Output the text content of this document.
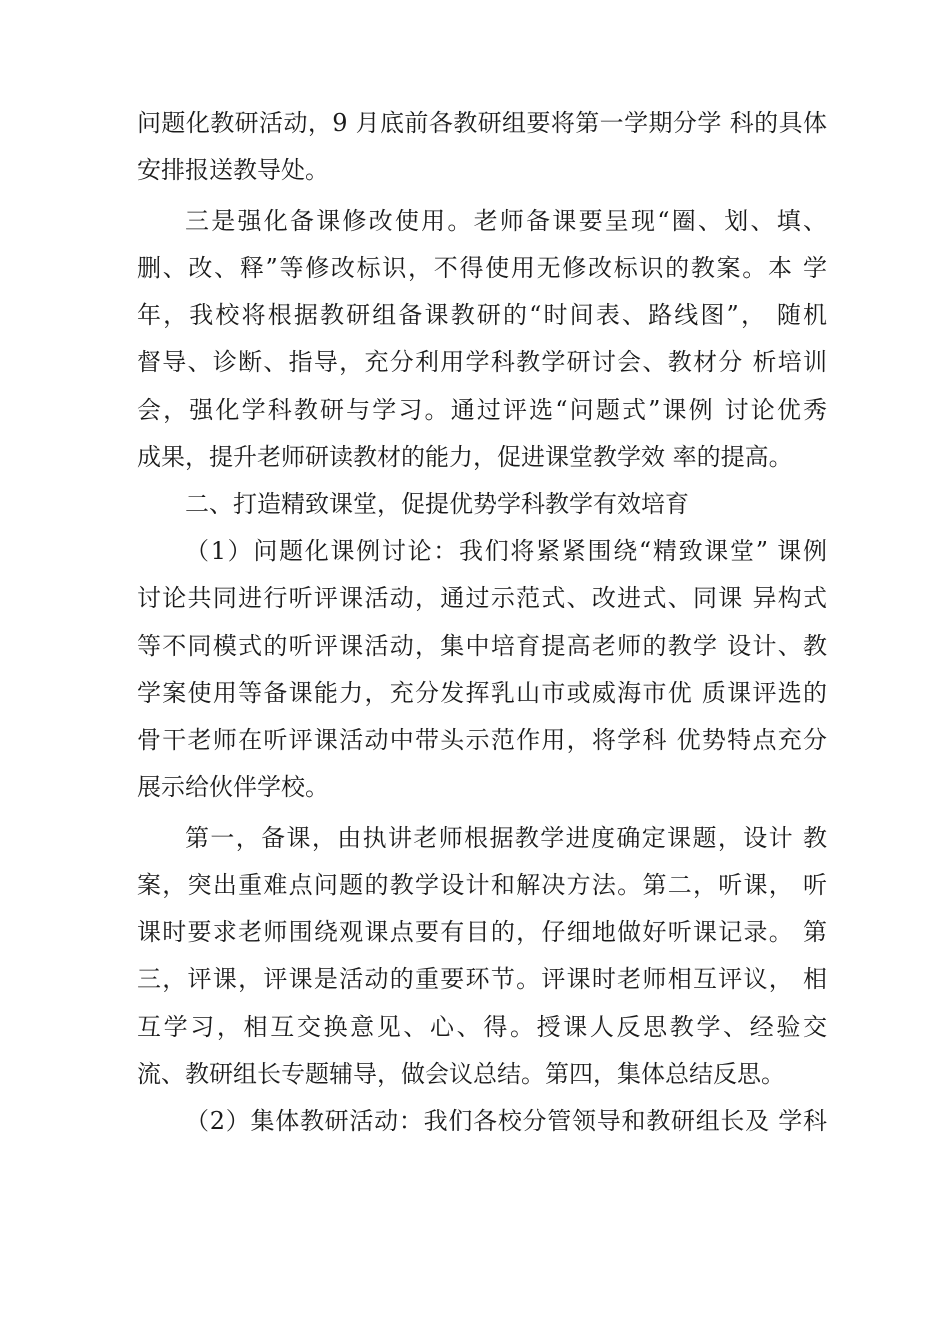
问题化教研活动，9 月底前各教研组要将第一学期分学 科的具体
安排报送教导处。
三是强化备课修改使用。老师备课要呈现“圈、划、填、
删、改、释”等修改标识，不得使用无修改标识的教案。本 学
年，我校将根据教研组备课教研的“时间表、路线图”， 随机
督导、诊断、指导，充分利用学科教学研讨会、教材分 析培训
会，强化学科教研与学习。通过评选“问题式”课例 讨论优秀
成果，提升老师研读教材的能力，促进课堂教学效 率的提高。
二、打造精致课堂，促提优势学科教学有效培育
（1）问题化课例讨论：我们将紧紧围绕“精致课堂” 课例
讨论共同进行听评课活动，通过示范式、改进式、同课 异构式
等不同模式的听评课活动，集中培育提高老师的教学 设计、教
学案使用等备课能力，充分发挥乳山市或威海市优 质课评选的
骨干老师在听评课活动中带头示范作用，将学科 优势特点充分
展示给伙伴学校。
第一，备课，由执讲老师根据教学进度确定课题，设计 教
案，突出重难点问题的教学设计和解决方法。第二，听课， 听
课时要求老师围绕观课点要有目的，仔细地做好听课记录。 第
三，评课，评课是活动的重要环节。评课时老师相互评议， 相
互学习，相互交换意见、心、得。授课人反思教学、经验交
流、教研组长专题辅导，做会议总结。第四，集体总结反思。
（2）集体教研活动：我们各校分管领导和教研组长及 学科
